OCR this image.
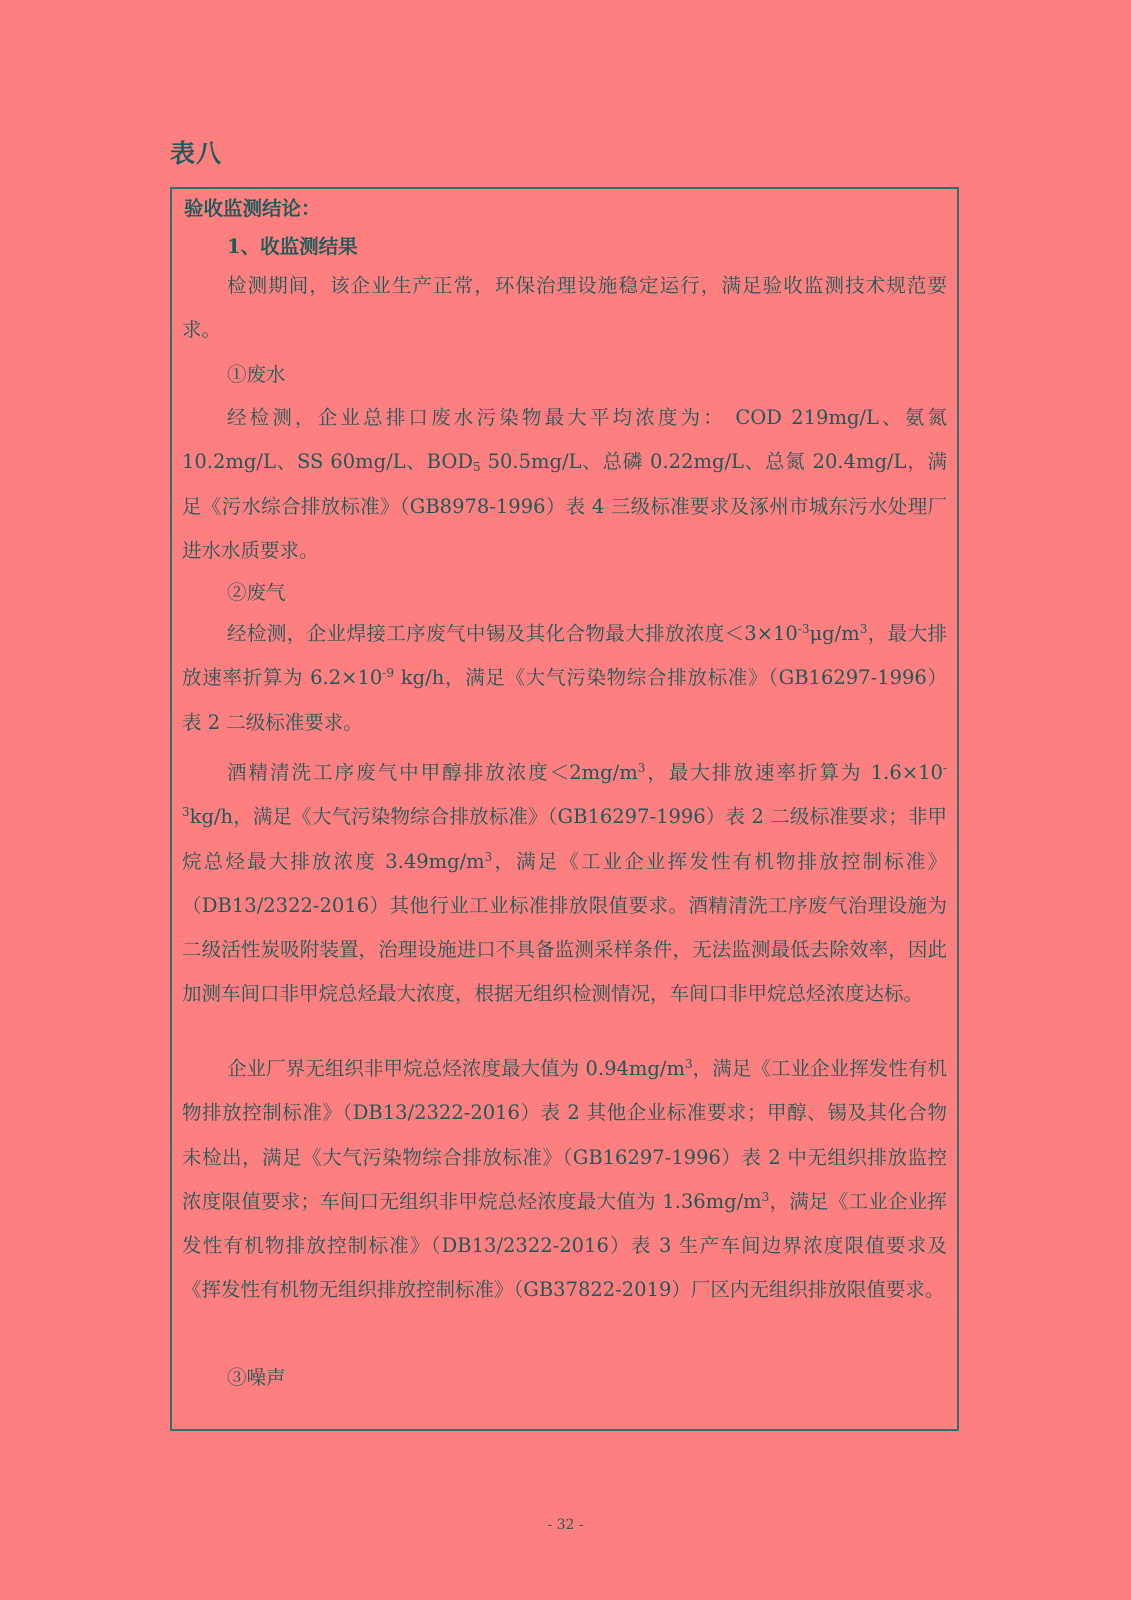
表八
验收监测结论：
1、收监测结果

检测期间，该企业生产正常，环保治理设施稳定运行，满足验收监测技术规范要求。

①废水

经检测，企业总排口废水污染物最大平均浓度为： COD 219mg/L、氨氮10.2mg/L、SS 60mg/L、$BOD_5$ 50.5mg/L、总磷 0.22mg/L、总氮 20.4mg/L，满足《污水综合排放标准》（GB8978-1996）表 4 三级标准要求及涿州市城东污水处理厂进水水质要求。

②废气

经检测，企业焊接工序废气中锡及其化合物最大排放浓度$<3\times 10^{-3}\mu g/m^3$，最大排放速率折算为 $6.2\times 10^{-9}$ kg/h，满足《大气污染物综合排放标准》（GB16297-1996）表 2 二级标准要求。

酒精清洗工序废气中甲醇排放浓度$<2mg/m^3$，最大排放速率折算为 $1.6\times 10^{-3}kg/h$，满足《大气污染物综合排放标准》（GB16297-1996）表 2 二级标准要求；非甲烷总烃最大排放浓度 $3.49mg/m^3$，满足《工业企业挥发性有机物排放控制标准》（DB13/2322-2016）其他行业工业标准排放限值要求。酒精清洗工序废气治理设施为二级活性炭吸附装置，治理设施进口不具备监测采样条件，无法监测最低去除效率，因此加测车间口非甲烷总烃最大浓度，根据无组织检测情况，车间口非甲烷总烃浓度达标。

企业厂界无组织非甲烷总烃浓度最大值为 $0.94mg/m^3$，满足《工业企业挥发性有机物排放控制标准》（DB13/2322-2016）表 2 其他企业标准要求；甲醇、锡及其化合物未检出，满足《大气污染物综合排放标准》（GB16297-1996）表 2 中无组织排放监控浓度限值要求；车间口无组织非甲烷总烃浓度最大值为 $1.36mg/m^3$，满足《工业企业挥发性有机物排放控制标准》（DB13/2322-2016）表 3 生产车间边界浓度限值要求及《挥发性有机物无组织排放控制标准》（GB37822-2019）厂区内无组织排放限值要求。

③噪声
- 32 -
